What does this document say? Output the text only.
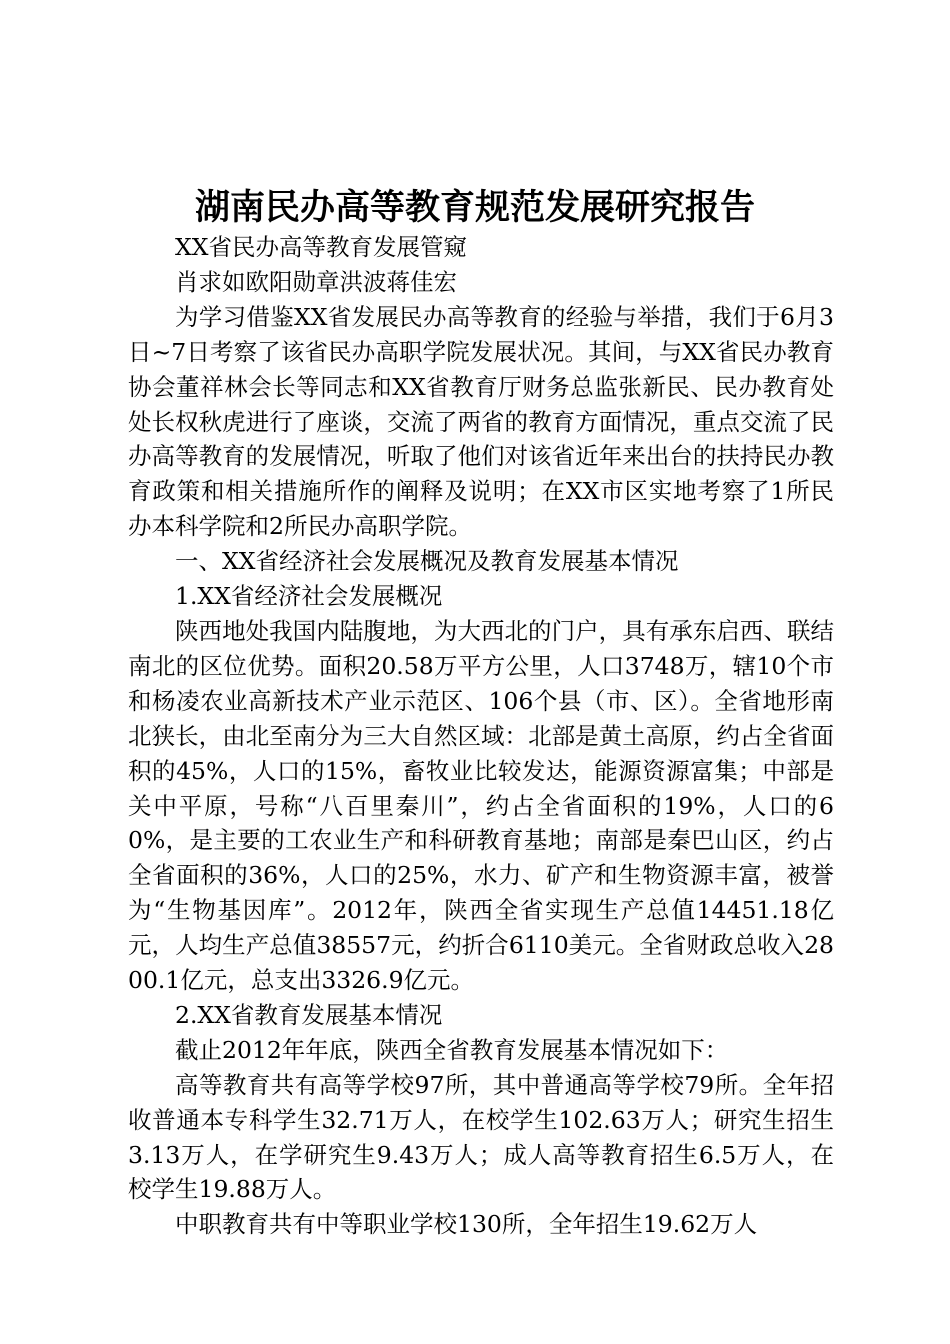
湖南民办高等教育规范发展研究报告

XX省民办高等教育发展管窥

肖求如欧阳勋章洪波蒋佳宏

为学习借鉴XX省发展民办高等教育的经验与举措，我们于6月3日~7日考察了该省民办高职学院发展状况。其间，与XX省民办教育协会董祥林会长等同志和XX省教育厅财务总监张新民、民办教育处处长权秋虎进行了座谈，交流了两省的教育方面情况，重点交流了民办高等教育的发展情况，听取了他们对该省近年来出台的扶持民办教育政策和相关措施所作的阐释及说明；在XX市区实地考察了1所民办本科学院和2所民办高职学院。

一、XX省经济社会发展概况及教育发展基本情况

1.XX省经济社会发展概况

陕西地处我国内陆腹地，为大西北的门户，具有承东启西、联结南北的区位优势。面积20.58万平方公里，人口3748万，辖10个市和杨凌农业高新技术产业示范区、106个县（市、区）。全省地形南北狭长，由北至南分为三大自然区域：北部是黄土高原，约占全省面积的45%，人口的15%，畜牧业比较发达，能源资源富集；中部是关中平原，号称“八百里秦川”，约占全省面积的19%，人口的60%，是主要的工农业生产和科研教育基地；南部是秦巴山区，约占全省面积的36%，人口的25%，水力、矿产和生物资源丰富，被誉为“生物基因库”。2012年，陕西全省实现生产总值14451.18亿元，人均生产总值38557元，约折合6110美元。全省财政总收入2800.1亿元，总支出3326.9亿元。

2.XX省教育发展基本情况

截止2012年年底，陕西全省教育发展基本情况如下：

高等教育共有高等学校97所，其中普通高等学校79所。全年招收普通本专科学生32.71万人，在校学生102.63万人；研究生招生3.13万人，在学研究生9.43万人；成人高等教育招生6.5万人，在校学生19.88万人。

中职教育共有中等职业学校130所，全年招生19.62万人
